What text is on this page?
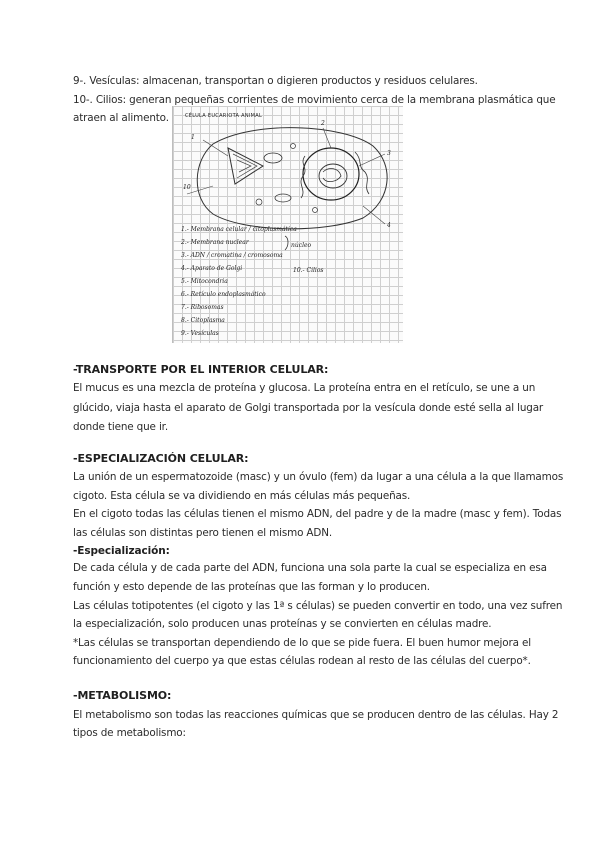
9-. Vesículas: almacenan, transportan o digieren productos y residuos celulares.
10-. Cilios: generan pequeñas corrientes de movimiento cerca de la membrana plasmática que
atraen al alimento.	CÉLULA EUCARIOTA ANIMAL
10
1
2
3
4
1.- Membrana celular / citoplasmática
2.- Membrana nuclear	núcleo
3.- ADN / cromatina / cromosoma
4.- Aparato de Golgi	10.- Cilios
5.- Mitocondria
6.- Retículo endoplasmático
7.- Ribosomas
8.- Citoplasma
9.- Vesículas
-TRANSPORTE POR EL INTERIOR CELULAR:
El mucus es una mezcla de proteína y glucosa. La proteína entra en el retículo, se une a un
glúcido, viaja hasta el aparato de Golgi transportada por la vesícula donde esté sella al lugar
donde tiene que ir.
-ESPECIALIZACIÓN CELULAR:
La unión de un espermatozoide (masc) y un óvulo (fem) da lugar a una célula a la que llamamos
cigoto. Esta célula se va dividiendo en más células más pequeñas.
En el cigoto todas las células tienen el mismo ADN, del padre y de la madre (masc y fem). Todas
las células son distintas pero tienen el mismo ADN.
-Especialización:
De cada célula y de cada parte del ADN, funciona una sola parte la cual se especializa en esa
función y esto depende de las proteínas que las forman y lo producen.
Las células totipotentes (el cigoto y las 1ª s células) se pueden convertir en todo, una vez sufren
la especialización, solo producen unas proteínas y se convierten en células madre.
*Las células se transportan dependiendo de lo que se pide fuera. El buen humor mejora el
funcionamiento del cuerpo ya que estas células rodean al resto de las células del cuerpo*.
-METABOLISMO:
El metabolismo son todas las reacciones químicas que se producen dentro de las células. Hay 2
tipos de metabolismo:
